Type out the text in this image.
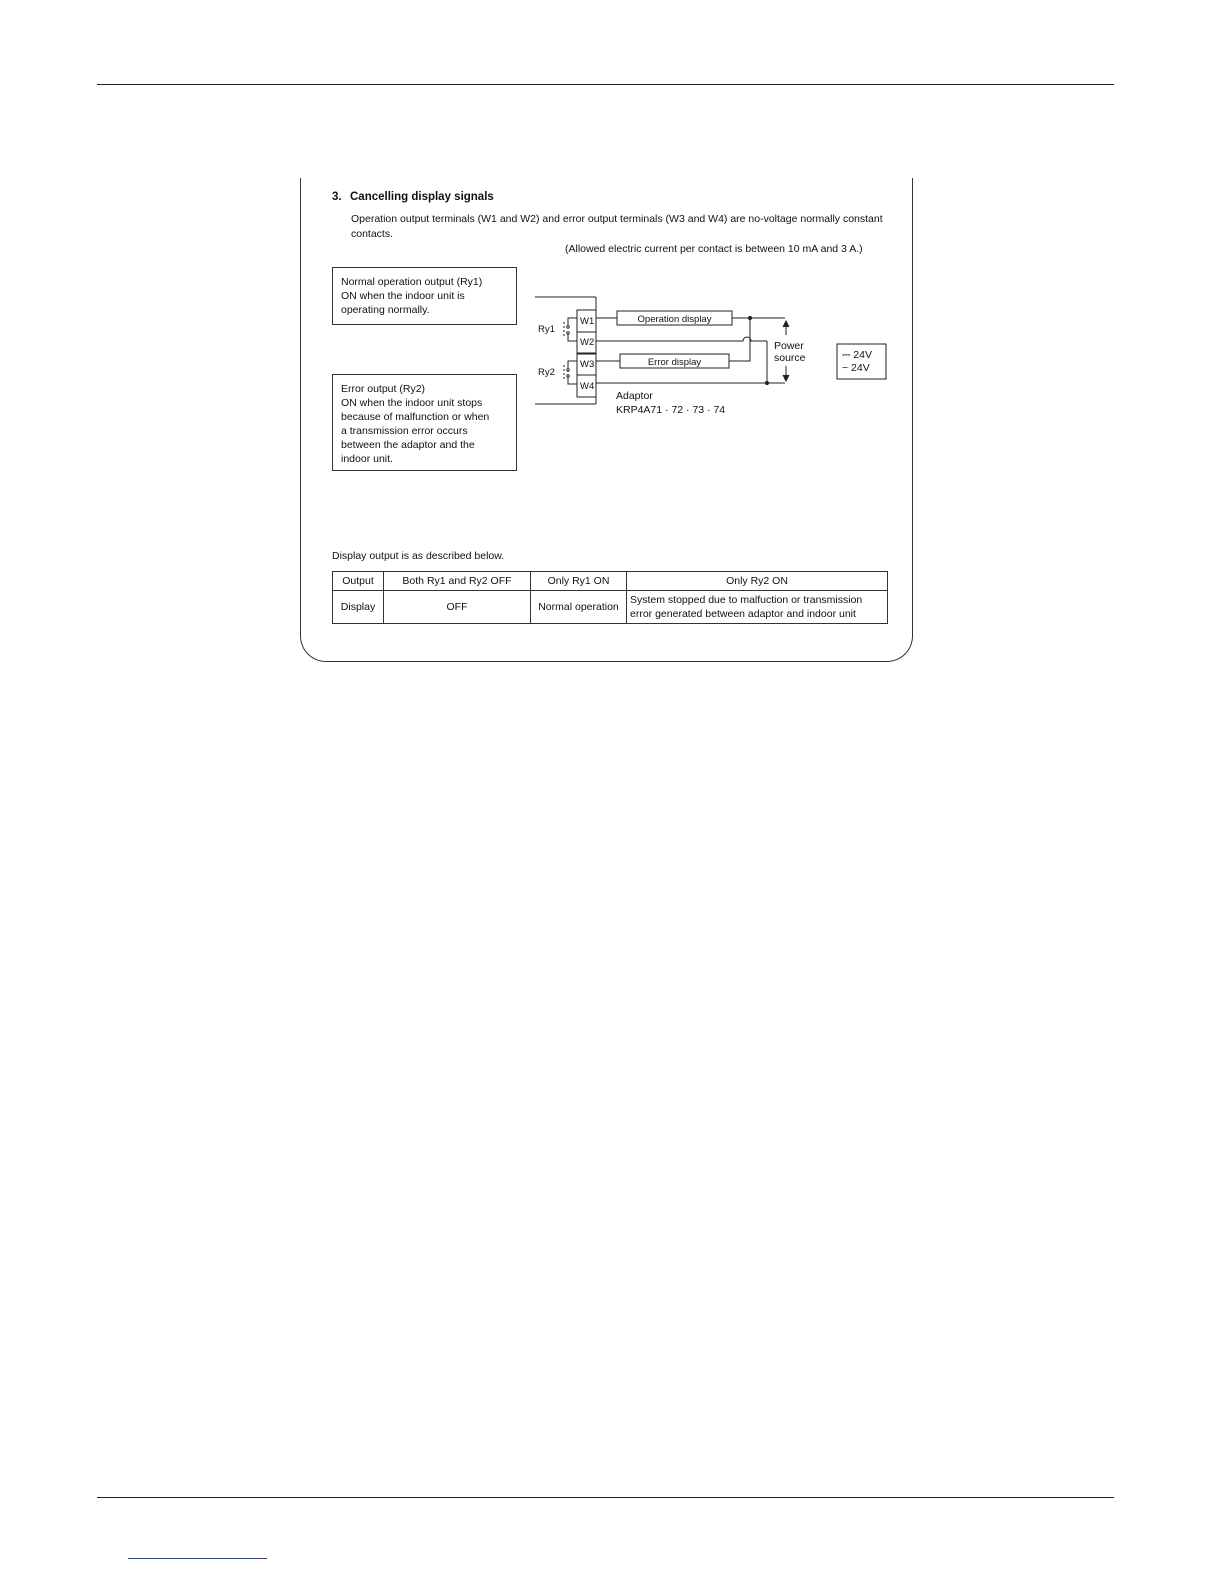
3. Cancelling display signals
Operation output terminals (W1 and W2) and error output terminals (W3 and W4) are no-voltage normally constant contacts.
(Allowed electric current per contact is between 10 mA and 3 A.)
Normal operation output (Ry1)
ON when the indoor unit is
operating normally.
Error output (Ry2)
ON when the indoor unit stops
because of malfunction or when
a transmission error occurs
between the adaptor and the
indoor unit.
W1
W2
W3
W4
Ry1
Ry2
Operation display
Error display
Power
source	⎓ 24V
~ 24V
Adaptor
KRP4A71 · 72 · 73 · 74
Display output is as described below.
Output	Both Ry1 and Ry2 OFF	Only Ry1 ON	Only Ry2 ON
Display	OFF	Normal operation	System stopped due to malfuction or transmission error generated between adaptor and indoor unit
